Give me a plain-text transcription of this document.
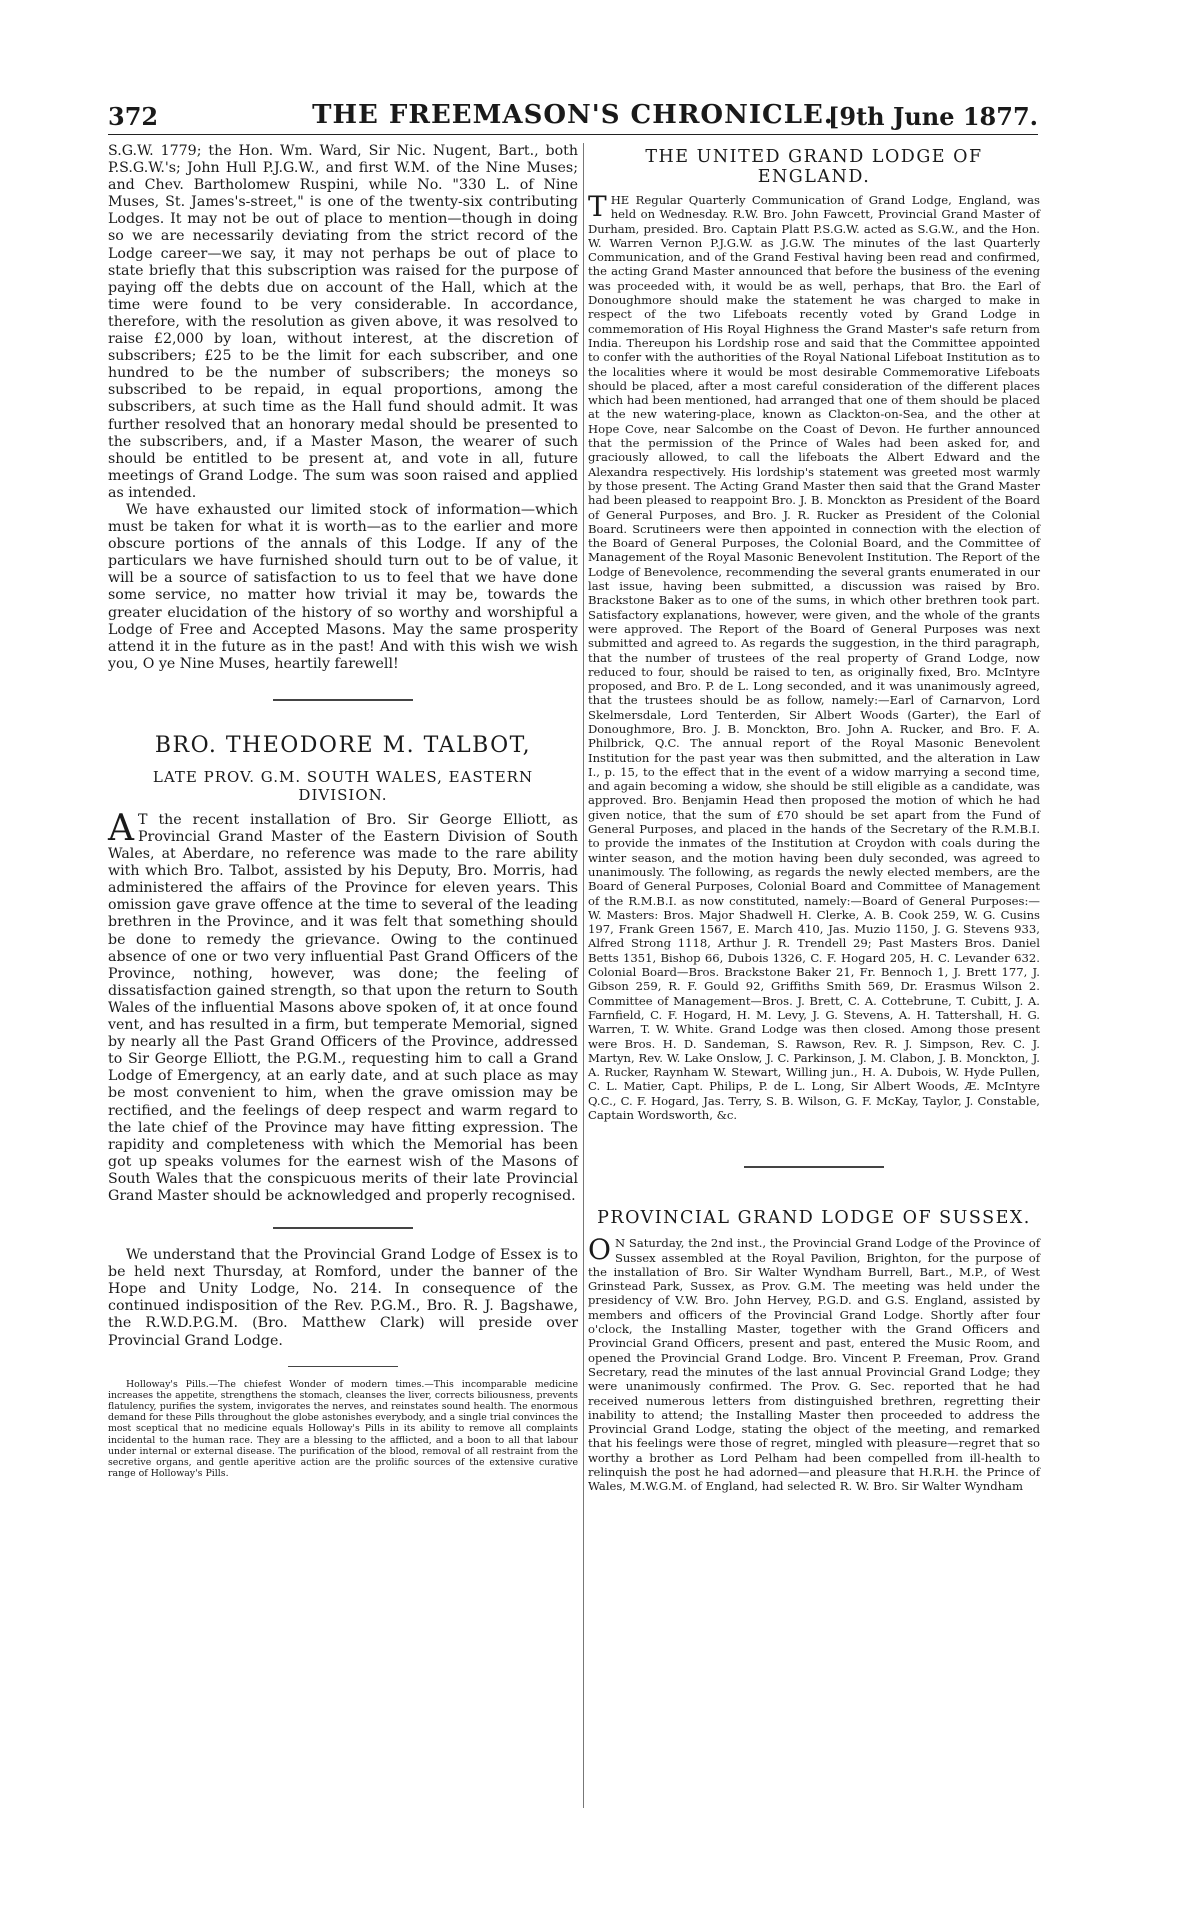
372	THE FREEMASON'S CHRONICLE.
[9th June 1877.

S.G.W. 1779; the Hon. Wm. Ward, Sir Nic. Nugent, Bart., both P.S.G.W.'s; John Hull P.J.G.W., and first W.M. of the Nine Muses; and Chev. Bartholomew Ruspini, while No. "330 L. of Nine Muses, St. James's-street," is one of the twenty-six contributing Lodges. It may not be out of place to mention—though in doing so we are necessarily deviating from the strict record of the Lodge career—we say, it may not perhaps be out of place to state briefly that this subscription was raised for the purpose of paying off the debts due on account of the Hall, which at the time were found to be very considerable. In accordance, therefore, with the resolution as given above, it was resolved to raise £2,000 by loan, without interest, at the discretion of subscribers; £25 to be the limit for each subscriber, and one hundred to be the number of subscribers; the moneys so subscribed to be repaid, in equal proportions, among the subscribers, at such time as the Hall fund should admit. It was further resolved that an honorary medal should be presented to the subscribers, and, if a Master Mason, the wearer of such should be entitled to be present at, and vote in all, future meetings of Grand Lodge. The sum was soon raised and applied as intended.

We have exhausted our limited stock of information—which must be taken for what it is worth—as to the earlier and more obscure portions of the annals of this Lodge. If any of the particulars we have furnished should turn out to be of value, it will be a source of satisfaction to us to feel that we have done some service, no matter how trivial it may be, towards the greater elucidation of the history of so worthy and worshipful a Lodge of Free and Accepted Masons. May the same prosperity attend it in the future as in the past! And with this wish we wish you, O ye Nine Muses, heartily farewell!

BRO. THEODORE M. TALBOT,
LATE PROV. G.M. SOUTH WALES, EASTERN DIVISION.
A T the recent installation of Bro. Sir George Elliott, as Provincial Grand Master of the Eastern Division of South Wales, at Aberdare, no reference was made to the rare ability with which Bro. Talbot, assisted by his Deputy, Bro. Morris, had administered the affairs of the Province for eleven years. This omission gave grave offence at the time to several of the leading brethren in the Province, and it was felt that something should be done to remedy the grievance. Owing to the continued absence of one or two very influential Past Grand Officers of the Province, nothing, however, was done; the feeling of dissatisfaction gained strength, so that upon the return to South Wales of the influential Masons above spoken of, it at once found vent, and has resulted in a firm, but temperate Memorial, signed by nearly all the Past Grand Officers of the Province, addressed to Sir George Elliott, the P.G.M., requesting him to call a Grand Lodge of Emergency, at an early date, and at such place as may be most convenient to him, when the grave omission may be rectified, and the feelings of deep respect and warm regard to the late chief of the Province may have fitting expression. The rapidity and completeness with which the Memorial has been got up speaks volumes for the earnest wish of the Masons of South Wales that the conspicuous merits of their late Provincial Grand Master should be acknowledged and properly recognised.

We understand that the Provincial Grand Lodge of Essex is to be held next Thursday, at Romford, under the banner of the Hope and Unity Lodge, No. 214. In consequence of the continued indisposition of the Rev. P.G.M., Bro. R. J. Bagshawe, the R.W.D.P.G.M. (Bro. Matthew Clark) will preside over Provincial Grand Lodge.

Holloway's Pills.—The chiefest Wonder of modern times.—This incomparable medicine increases the appetite, strengthens the stomach, cleanses the liver, corrects biliousness, prevents flatulency, purifies the system, invigorates the nerves, and reinstates sound health. The enormous demand for these Pills throughout the globe astonishes everybody, and a single trial convinces the most sceptical that no medicine equals Holloway's Pills in its ability to remove all complaints incidental to the human race. They are a blessing to the afflicted, and a boon to all that labour under internal or external disease. The purification of the blood, removal of all restraint from the secretive organs, and gentle aperitive action are the prolific sources of the extensive curative range of Holloway's Pills.

THE UNITED GRAND LODGE OF ENGLAND.
THE Regular Quarterly Communication of Grand Lodge, England, was held on Wednesday. R.W. Bro. John Fawcett, Provincial Grand Master of Durham, presided. Bro. Captain Platt P.S.G.W. acted as S.G.W., and the Hon. W. Warren Vernon P.J.G.W. as J.G.W. The minutes of the last Quarterly Communication, and of the Grand Festival having been read and confirmed, the acting Grand Master announced that before the business of the evening was proceeded with, it would be as well, perhaps, that Bro. the Earl of Donoughmore should make the statement he was charged to make in respect of the two Lifeboats recently voted by Grand Lodge in commemoration of His Royal Highness the Grand Master's safe return from India. Thereupon his Lordship rose and said that the Committee appointed to confer with the authorities of the Royal National Lifeboat Institution as to the localities where it would be most desirable Commemorative Lifeboats should be placed, after a most careful consideration of the different places which had been mentioned, had arranged that one of them should be placed at the new watering-place, known as Clackton-on-Sea, and the other at Hope Cove, near Salcombe on the Coast of Devon. He further announced that the permission of the Prince of Wales had been asked for, and graciously allowed, to call the lifeboats the Albert Edward and the Alexandra respectively. His lordship's statement was greeted most warmly by those present. The Acting Grand Master then said that the Grand Master had been pleased to reappoint Bro. J. B. Monckton as President of the Board of General Purposes, and Bro. J. R. Rucker as President of the Colonial Board. Scrutineers were then appointed in connection with the election of the Board of General Purposes, the Colonial Board, and the Committee of Management of the Royal Masonic Benevolent Institution. The Report of the Lodge of Benevolence, recommending the several grants enumerated in our last issue, having been submitted, a discussion was raised by Bro. Brackstone Baker as to one of the sums, in which other brethren took part. Satisfactory explanations, however, were given, and the whole of the grants were approved. The Report of the Board of General Purposes was next submitted and agreed to. As regards the suggestion, in the third paragraph, that the number of trustees of the real property of Grand Lodge, now reduced to four, should be raised to ten, as originally fixed, Bro. McIntyre proposed, and Bro. P. de L. Long seconded, and it was unanimously agreed, that the trustees should be as follow, namely:—Earl of Carnarvon, Lord Skelmersdale, Lord Tenterden, Sir Albert Woods (Garter), the Earl of Donoughmore, Bro. J. B. Monckton, Bro. John A. Rucker, and Bro. F. A. Philbrick, Q.C. The annual report of the Royal Masonic Benevolent Institution for the past year was then submitted, and the alteration in Law I., p. 15, to the effect that in the event of a widow marrying a second time, and again becoming a widow, she should be still eligible as a candidate, was approved. Bro. Benjamin Head then proposed the motion of which he had given notice, that the sum of £70 should be set apart from the Fund of General Purposes, and placed in the hands of the Secretary of the R.M.B.I. to provide the inmates of the Institution at Croydon with coals during the winter season, and the motion having been duly seconded, was agreed to unanimously. The following, as regards the newly elected members, are the Board of General Purposes, Colonial Board and Committee of Management of the R.M.B.I. as now constituted, namely:—Board of General Purposes:—W. Masters: Bros. Major Shadwell H. Clerke, A. B. Cook 259, W. G. Cusins 197, Frank Green 1567, E. March 410, Jas. Muzio 1150, J. G. Stevens 933, Alfred Strong 1118, Arthur J. R. Trendell 29; Past Masters Bros. Daniel Betts 1351, Bishop 66, Dubois 1326, C. F. Hogard 205, H. C. Levander 632. Colonial Board—Bros. Brackstone Baker 21, Fr. Bennoch 1, J. Brett 177, J. Gibson 259, R. F. Gould 92, Griffiths Smith 569, Dr. Erasmus Wilson 2. Committee of Management—Bros. J. Brett, C. A. Cottebrune, T. Cubitt, J. A. Farnfield, C. F. Hogard, H. M. Levy, J. G. Stevens, A. H. Tattershall, H. G. Warren, T. W. White. Grand Lodge was then closed. Among those present were Bros. H. D. Sandeman, S. Rawson, Rev. R. J. Simpson, Rev. C. J. Martyn, Rev. W. Lake Onslow, J. C. Parkinson, J. M. Clabon, J. B. Monckton, J. A. Rucker, Raynham W. Stewart, Willing jun., H. A. Dubois, W. Hyde Pullen, C. L. Matier, Capt. Philips, P. de L. Long, Sir Albert Woods, Æ. McIntyre Q.C., C. F. Hogard, Jas. Terry, S. B. Wilson, G. F. McKay, Taylor, J. Constable, Captain Wordsworth, &c.
PROVINCIAL GRAND LODGE OF SUSSEX.
O N Saturday, the 2nd inst., the Provincial Grand Lodge of the Province of Sussex assembled at the Royal Pavilion, Brighton, for the purpose of the installation of Bro. Sir Walter Wyndham Burrell, Bart., M.P., of West Grinstead Park, Sussex, as Prov. G.M. The meeting was held under the presidency of V.W. Bro. John Hervey, P.G.D. and G.S. England, assisted by members and officers of the Provincial Grand Lodge. Shortly after four o'clock, the Installing Master, together with the Grand Officers and Provincial Grand Officers, present and past, entered the Music Room, and opened the Provincial Grand Lodge. Bro. Vincent P. Freeman, Prov. Grand Secretary, read the minutes of the last annual Provincial Grand Lodge; they were unanimously confirmed. The Prov. G. Sec. reported that he had received numerous letters from distinguished brethren, regretting their inability to attend; the Installing Master then proceeded to address the Provincial Grand Lodge, stating the object of the meeting, and remarked that his feelings were those of regret, mingled with pleasure—regret that so worthy a brother as Lord Pelham had been compelled from ill-health to relinquish the post he had adorned—and pleasure that H.R.H. the Prince of Wales, M.W.G.M. of England, had selected R. W. Bro. Sir Walter Wyndham
